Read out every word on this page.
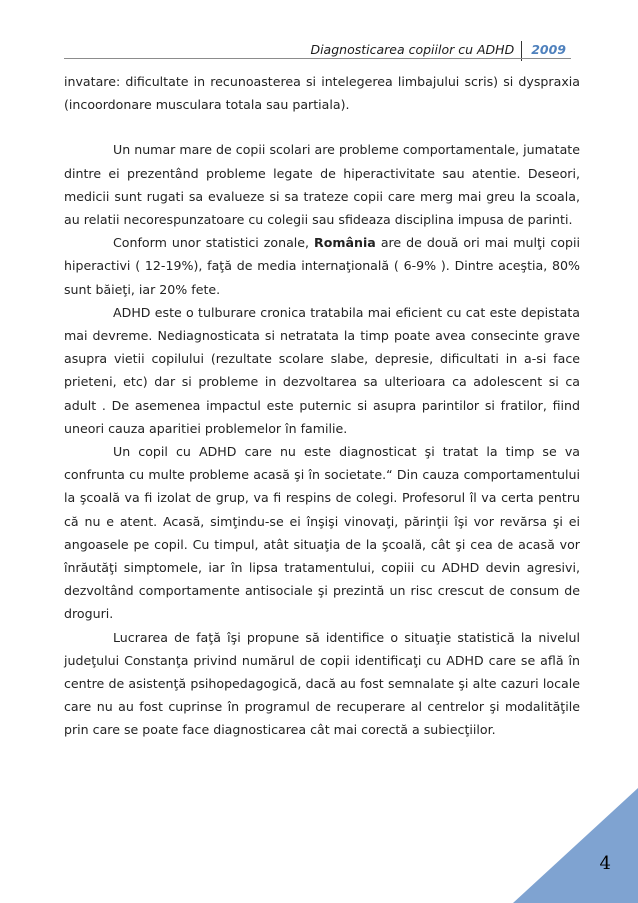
Diagnosticarea copiilor cu ADHD	2009

invatare: dificultate in recunoasterea si intelegerea limbajului scris) si dyspraxia (incoordonare musculara totala sau partiala).

Un numar mare de copii scolari are probleme comportamentale, jumatate dintre ei prezentând probleme legate de hiperactivitate sau atentie. Deseori, medicii sunt rugati sa evalueze si sa trateze copii care merg mai greu la scoala, au relatii necorespunzatoare cu colegii sau sfideaza disciplina impusa de parinti.

Conform unor statistici zonale, România are de două ori mai mulţi copii hiperactivi ( 12-19%), faţă de media internaţională ( 6-9% ). Dintre aceştia, 80% sunt băieţi, iar 20% fete.

ADHD este o tulburare cronica tratabila mai eficient cu cat este depistata mai devreme. Nediagnosticata si netratata la timp poate avea consecinte grave asupra vietii copilului (rezultate scolare slabe, depresie, dificultati in a-si face prieteni, etc) dar si probleme in dezvoltarea sa ulterioara ca adolescent si ca adult . De asemenea impactul este puternic si asupra parintilor si fratilor, fiind uneori cauza aparitiei problemelor în familie.

Un copil cu ADHD care nu este diagnosticat şi tratat la timp se va confrunta cu multe probleme acasă şi în societate.“ Din cauza comportamentului la şcoală va fi izolat de grup, va fi respins de colegi. Profesorul îl va certa pentru că nu e atent. Acasă, simţindu-se ei înşişi vinovaţi, părinţii îşi vor revărsa şi ei angoasele pe copil. Cu timpul, atât situaţia de la şcoală, cât şi cea de acasă vor înrăutăţi simptomele, iar în lipsa tratamentului, copiii cu ADHD devin agresivi, dezvoltând comportamente antisociale şi prezintă un risc crescut de consum de droguri.

Lucrarea de faţă îşi propune să identifice o situaţie statistică la nivelul judeţului Constanţa privind numărul de copii identificaţi cu ADHD care se află în centre de asistenţă psihopedagogică, dacă au fost semnalate şi alte cazuri locale care nu au fost cuprinse în programul de recuperare al centrelor şi modalităţile prin care se poate face diagnosticarea cât mai corectă a subiecţiilor.

4
